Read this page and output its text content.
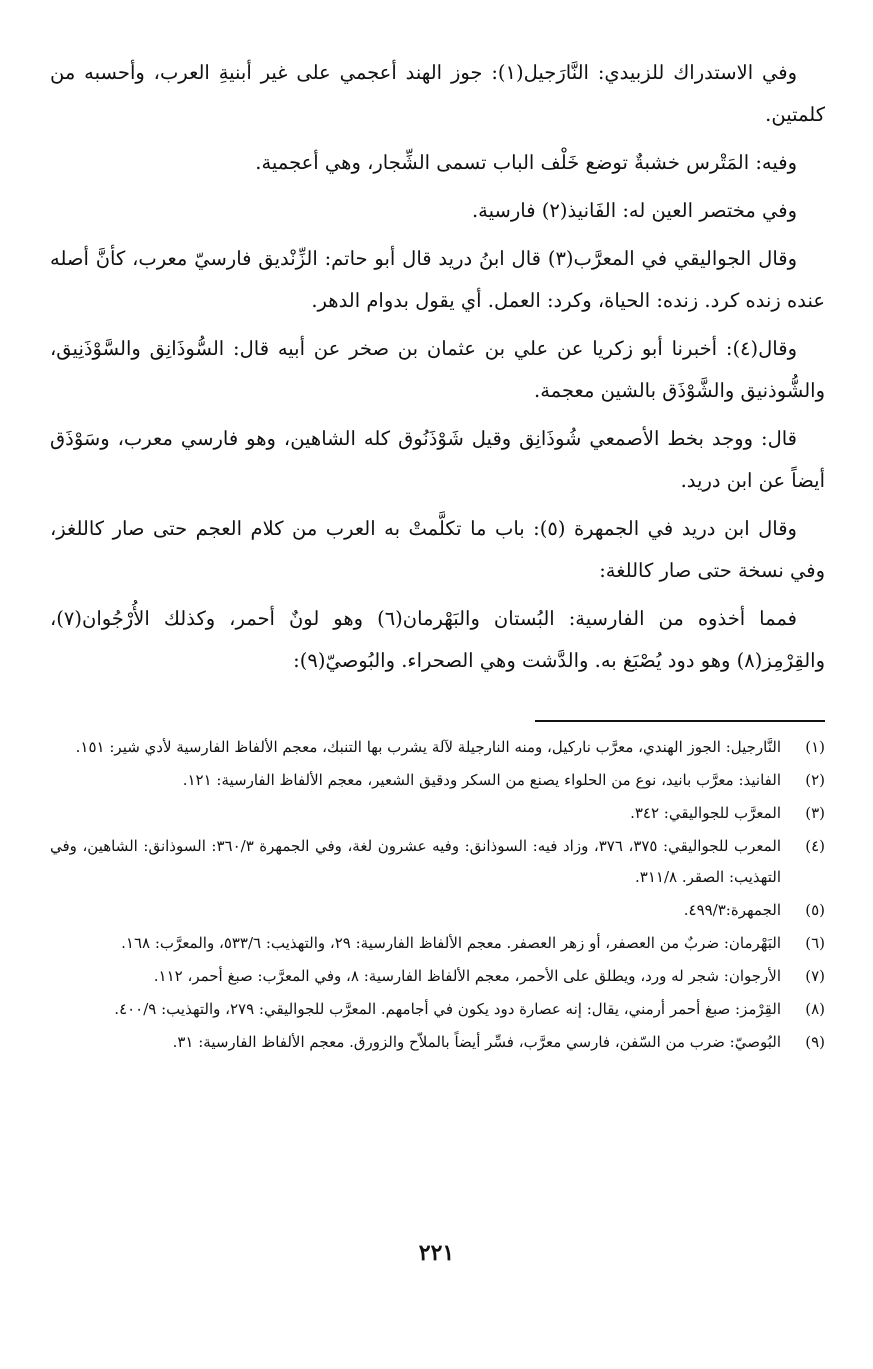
وفي الاستدراك للزبيدي: النَّارَجيل(١): جوز الهند أعجمي على غير أبنيةِ العرب، وأحسبه من كلمتين.

وفيه: المَتْرس خشبةٌ توضع خَلْف الباب تسمى الشِّجار، وهي أعجمية.

وفي مختصر العين له: الفَانيذ(٢) فارسية.

وقال الجواليقي في المعرَّب(٣) قال ابنُ دريد قال أبو حاتم: الزِّنْديق فارسيّ معرب، كأنَّ أصله عنده زنده كرد. زنده: الحياة، وكرد: العمل. أي يقول بدوام الدهر.

وقال(٤): أخبرنا أبو زكريا عن علي بن عثمان بن صخر عن أبيه قال: السُّوذَانِق والسَّوْذَنِيق، والشُّوذنيق والشَّوْذَق بالشين معجمة.

قال: ووجد بخط الأصمعي شُوذَانِق وقيل شَوْذَنُوق كله الشاهين، وهو فارسي معرب، وسَوْذَق أيضاً عن ابن دريد.

وقال ابن دريد في الجمهرة (٥): باب ما تكلَّمتْ به العرب من كلام العجم حتى صار كاللغز، وفي نسخة حتى صار كاللغة:

فمما أخذوه من الفارسية: البُستان والبَهْرمان(٦) وهو لونٌ أحمر، وكذلك الأُرْجُوان(٧)، والقِرْمِز(٨) وهو دود يُصْبَغ به. والدَّشت وهي الصحراء. والبُوصيّ(٩):

(١)
النَّارجيل: الجوز الهندي، معرَّب ناركيل، ومنه النارجيلة لآلة يشرب بها التنبك، معجم الألفاظ الفارسية لأدي شير: ١٥١.
(٢)
الفانيذ: معرَّب بانيد، نوع من الحلواء يصنع من السكر ودقيق الشعير، معجم الألفاظ الفارسية: ١٢١.
(٣)
المعرَّب للجواليقي: ٣٤٢.
(٤)
المعرب للجواليقي: ٣٧٥، ٣٧٦، وزاد فيه: السوذانق: وفيه عشرون لغة، وفي الجمهرة ٣٦٠/٣: السوذانق: الشاهين، وفي التهذيب: الصقر. ٣١١/٨.
(٥)
الجمهرة:٤٩٩/٣.
(٦)
البَهْرمان: ضربٌ من العصفر، أو زهر العصفر. معجم الألفاظ الفارسية: ٢٩، والتهذيب: ٥٣٣/٦، والمعرَّب: ١٦٨.
(٧)
الأرجوان: شجر له ورد، ويطلق على الأحمر، معجم الألفاظ الفارسية: ٨، وفي المعرَّب: صبغ أحمر، ١١٢.
(٨)
القِرْمز: صبغ أحمر أرمني، يقال: إنه عصارة دود يكون في أجامهم. المعرَّب للجواليقي: ٢٧٩، والتهذيب: ٤٠٠/٩.
(٩)
البُوصيّ: ضرب من السّفن، فارسي معرَّب، فسِّر أيضاً بالملاّح والزورق. معجم الألفاظ الفارسية: ٣١.
٢٢١
